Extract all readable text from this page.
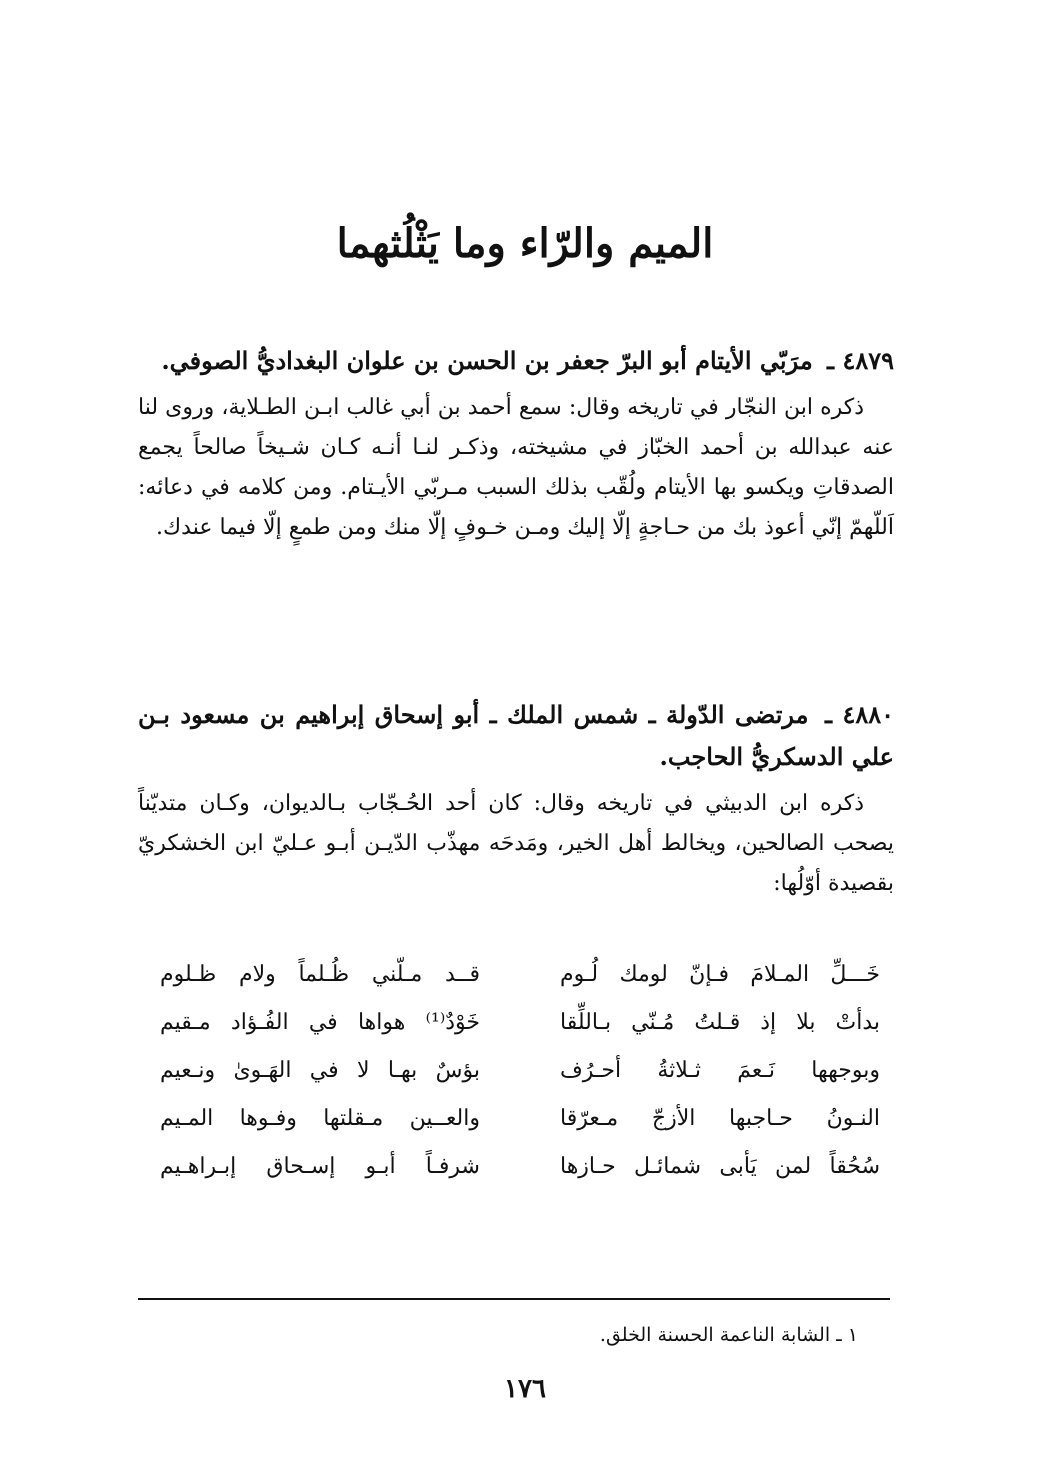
الميم والرّاء وما يَثْلُثهما

٤٨٧٩ ـ مرَبّي الأيتام أبو البرّ جعفر بن الحسن بن علوان البغداديُّ الصوفي.

ذكره ابن النجّار في تاريخه وقال: سمع أحمد بن أبي غالب ابـن الطـلاية، وروى لنا عنه عبدالله بن أحمد الخبّاز في مشيخته، وذكـر لنـا أنـه كـان شـيخاً صالحاً يجمع الصدقاتِ ويكسو بها الأيتام ولُقّب بذلك السبب مـربّي الأيـتام. ومن كلامه في دعائه: اَللّهمّ إنّي أعوذ بك من حـاجةٍ إلّا إليك ومـن خـوفٍ إلّا منك ومن طمعٍ إلّا فيما عندك.

٤٨٨٠ ـ مرتضى الدّولة ـ شمس الملك ـ أبو إسحاق إبراهيم بن مسعود بـن علي الدسكريُّ الحاجب.

ذكره ابن الدبيثي في تاريخه وقال: كان أحد الحُـجّاب بـالديوان، وكـان متديّناً يصحب الصالحين، ويخالط أهل الخير، ومَدحَه مهذّب الدّيـن أبـو عـليّ ابن الخشكريّ بقصيدة أوّلُها:

خَـــلِّ المـلامَ فـإنّ لومك لُـوم
قــد مـلّني ظُـلماً ولام ظـلوم
بدأتْ بلا إذ قـلتُ مُـنّي بـاللِّقا
خَوْدٌ⁽¹⁾ هواها في الفُـؤاد مـقيم
وبوجهها نَـعمَ ثـلاثةُ أحـرُف
بؤسٌ بهـا لا في الهَـوىٰ ونـعيم
النـونُ حـاجبها الأزجّ مـعرّقا
والعــين مـقلتها وفـوها المـيم
سُحُقاً لمن يَأبى شمائـل حـازها
شرفـاً أبـو إسـحاق إبـراهـيم

١ ـ الشابة الناعمة الحسنة الخلق.

١٧٦
